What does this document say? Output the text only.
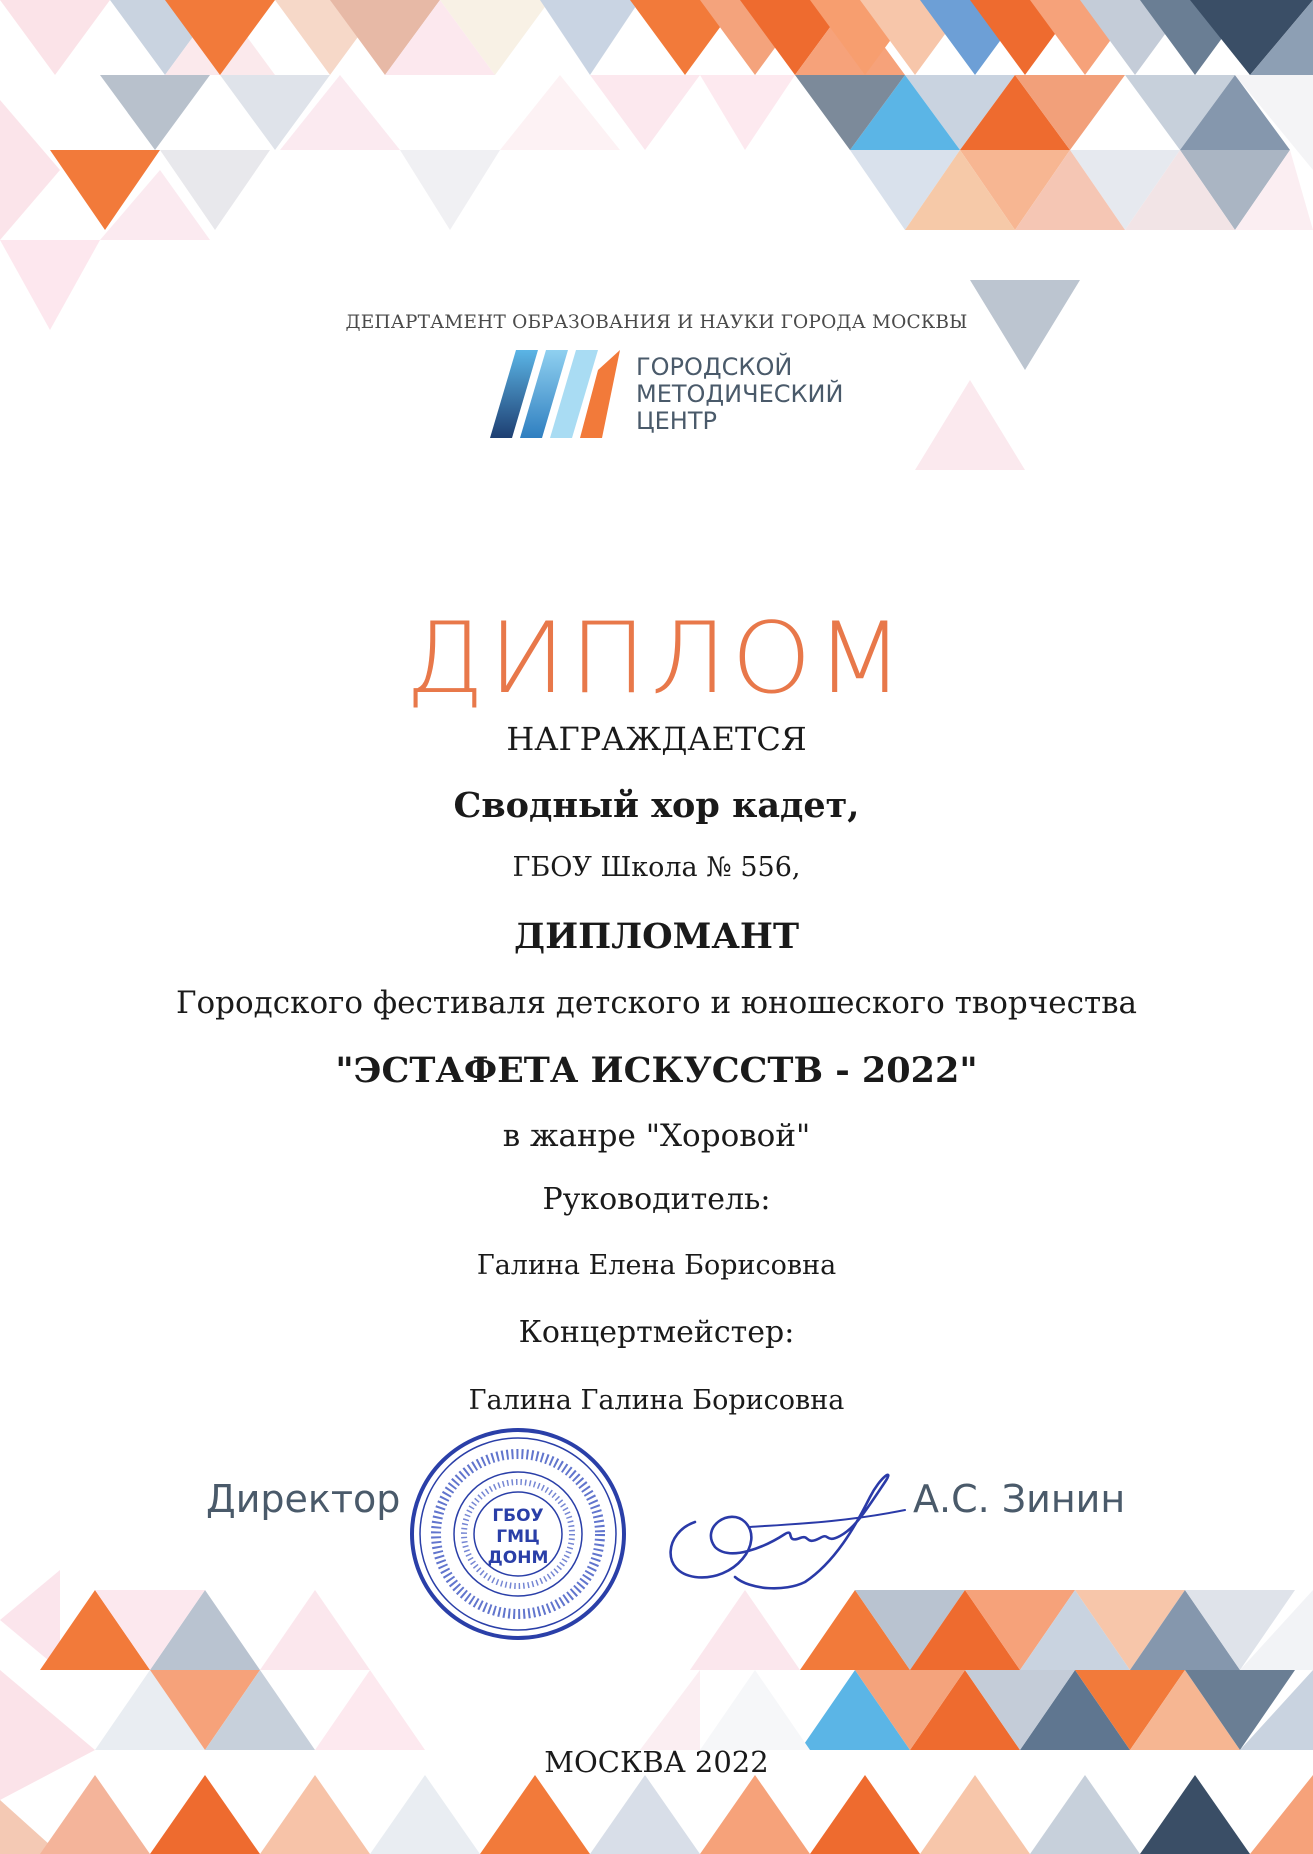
ДЕПАРТАМЕНТ ОБРАЗОВАНИЯ И НАУКИ ГОРОДА МОСКВЫ
ГОРОДСКОЙ
МЕТОДИЧЕСКИЙ
ЦЕНТР
ДИПЛОМ
НАГРАЖДАЕТСЯ
Сводный хор кадет,
ГБОУ Школа № 556,
ДИПЛОМАНТ
Городского фестиваля детского и юношеского творчества
"ЭСТАФЕТА ИСКУССТВ - 2022"
в жанре "Хоровой"
Руководитель:
Галина Елена Борисовна
Концертмейстер:
Галина Галина Борисовна
Директор	ГБОУ
ГМЦ
ДОНМ
А.С. Зинин
МОСКВА 2022
